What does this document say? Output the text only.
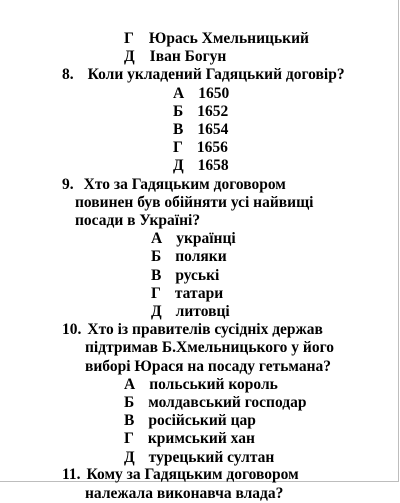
Г Юрась Хмельницький
Д Іван Богун
8. Коли укладений Гадяцький договір?
А 1650
Б 1652
В 1654
Г 1656
Д 1658
9. Хто за Гадяцьким договором
повинен був обійняти усі найвищі
посади в Україні?
А українці
Б поляки
В руські
Г татари
Д литовці
10. Хто із правителів сусідніх держав
підтримав Б.Хмельницького у його
виборі Юрася на посаду гетьмана?
А польський король
Б молдавський господар
В російський цар
Г кримський хан
Д турецький султан
11. Кому за Гадяцьким договором
належала виконавча влада?
